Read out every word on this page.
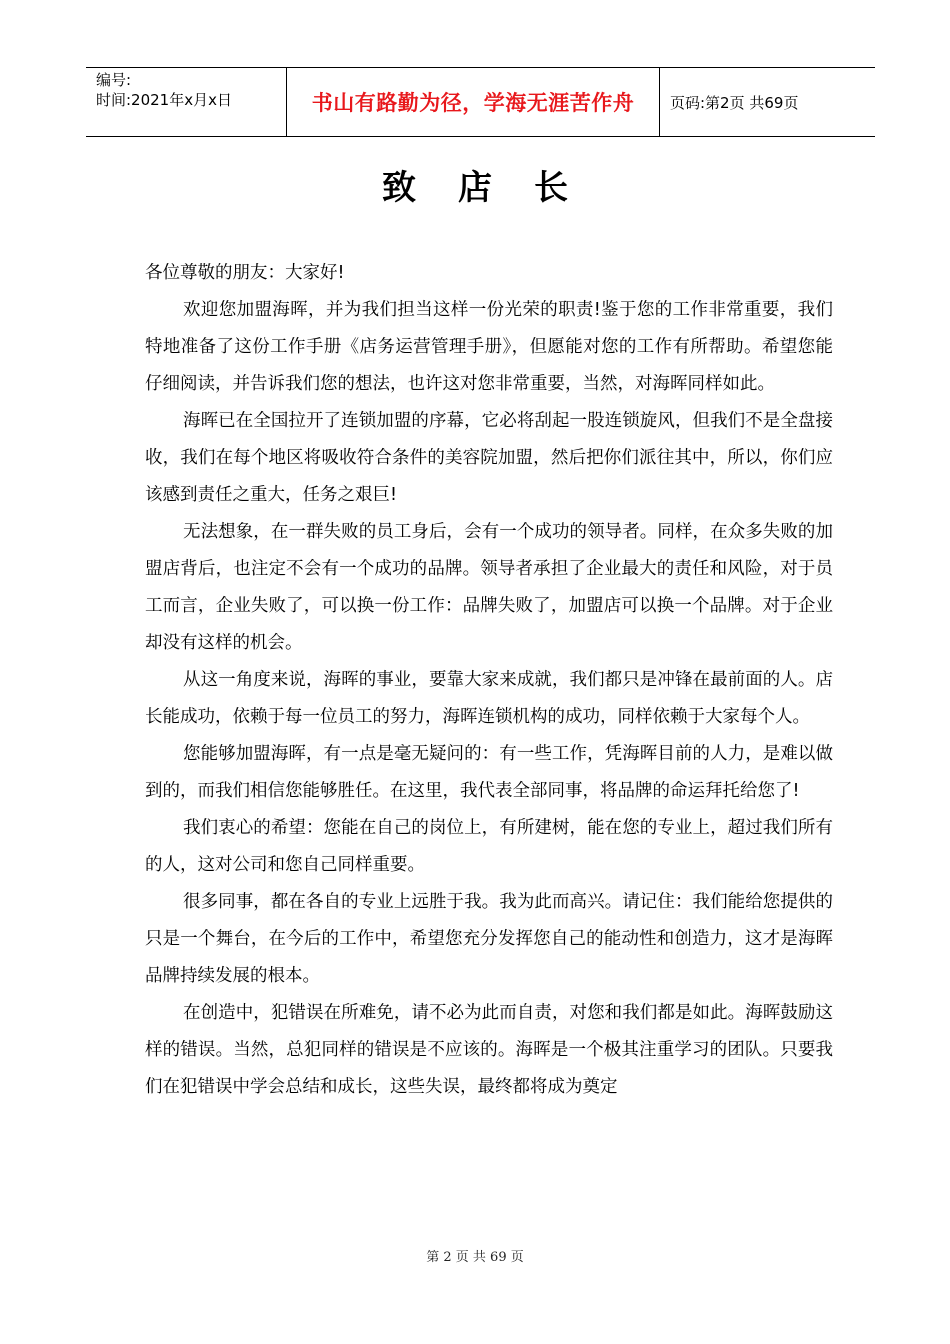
编号:
时间:2021年x月x日	书山有路勤为径，学海无涯苦作舟	页码:第2页 共69页
致店长

各位尊敬的朋友：大家好!

欢迎您加盟海晖，并为我们担当这样一份光荣的职责!鉴于您的工作非常重要，我们特地准备了这份工作手册《店务运营管理手册》，但愿能对您的工作有所帮助。希望您能仔细阅读，并告诉我们您的想法，也许这对您非常重要，当然，对海晖同样如此。

海晖已在全国拉开了连锁加盟的序幕，它必将刮起一股连锁旋风，但我们不是全盘接收，我们在每个地区将吸收符合条件的美容院加盟，然后把你们派往其中，所以，你们应该感到责任之重大，任务之艰巨!

无法想象，在一群失败的员工身后，会有一个成功的领导者。同样，在众多失败的加盟店背后，也注定不会有一个成功的品牌。领导者承担了企业最大的责任和风险，对于员工而言，企业失败了，可以换一份工作：品牌失败了，加盟店可以换一个品牌。对于企业却没有这样的机会。

从这一角度来说，海晖的事业，要靠大家来成就，我们都只是冲锋在最前面的人。店长能成功，依赖于每一位员工的努力，海晖连锁机构的成功，同样依赖于大家每个人。

您能够加盟海晖，有一点是毫无疑问的：有一些工作，凭海晖目前的人力，是难以做到的，而我们相信您能够胜任。在这里，我代表全部同事，将品牌的命运拜托给您了!

我们衷心的希望：您能在自己的岗位上，有所建树，能在您的专业上，超过我们所有的人，这对公司和您自己同样重要。

很多同事，都在各自的专业上远胜于我。我为此而高兴。请记住：我们能给您提供的只是一个舞台，在今后的工作中，希望您充分发挥您自己的能动性和创造力，这才是海晖品牌持续发展的根本。

在创造中，犯错误在所难免，请不必为此而自责，对您和我们都是如此。海晖鼓励这样的错误。当然，总犯同样的错误是不应该的。海晖是一个极其注重学习的团队。只要我们在犯错误中学会总结和成长，这些失误，最终都将成为奠定

第 2 页 共 69 页
